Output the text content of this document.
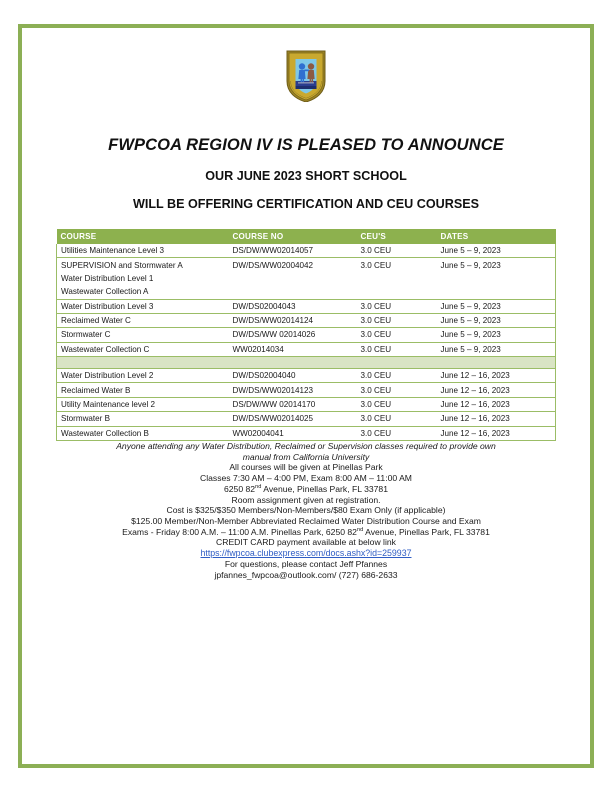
FWPCOA REGION IV IS PLEASED TO ANNOUNCE
OUR JUNE 2023 SHORT SCHOOL
WILL BE OFFERING CERTIFICATION AND CEU COURSES
COURSE	COURSE NO	CEU'S	DATES
Utilities Maintenance Level 3	DS/DW/WW02014057	3.0 CEU	June 5 – 9, 2023
SUPERVISION and Stormwater A	DW/DS/WW02004042	3.0 CEU	June 5 – 9, 2023
Water Distribution Level 1			
Wastewater Collection A			
Water Distribution Level 3	DW/DS02004043	3.0 CEU	June 5 – 9, 2023
Reclaimed Water C	DW/DS/WW02014124	3.0 CEU	June 5 – 9, 2023
Stormwater C	DW/DS/WW 02014026	3.0 CEU	June 5 – 9, 2023
Wastewater Collection C	WW02014034	3.0 CEU	June 5 – 9, 2023

Water Distribution Level 2	DW/DS02004040	3.0 CEU	June 12 – 16, 2023
Reclaimed Water B	DW/DS/WW02014123	3.0 CEU	June 12 – 16, 2023
Utility Maintenance level 2	DS/DW/WW 02014170	3.0 CEU	June 12 – 16, 2023
Stormwater B	DW/DS/WW02014025	3.0 CEU	June 12 – 16, 2023
Wastewater Collection B	WW02004041	3.0 CEU	June 12 – 16, 2023

Anyone attending any Water Distribution, Reclaimed or Supervision classes required to provide own

manual from California University

All courses will be given at Pinellas Park

Classes 7:30 AM – 4:00 PM, Exam 8:00 AM – 11:00 AM

6250 82nd Avenue, Pinellas Park, FL 33781

Room assignment given at registration.

Cost is $325/$350 Members/Non-Members/$80 Exam Only (if applicable)

$125.00 Member/Non-Member Abbreviated Reclaimed Water Distribution Course and Exam

Exams - Friday 8:00 A.M. – 11:00 A.M. Pinellas Park, 6250 82nd Avenue, Pinellas Park, FL 33781

CREDIT CARD payment available at below link

https://fwpcoa.clubexpress.com/docs.ashx?id=259937

For questions, please contact Jeff Pfannes

jpfannes_fwpcoa@outlook.com/ (727) 686-2633
